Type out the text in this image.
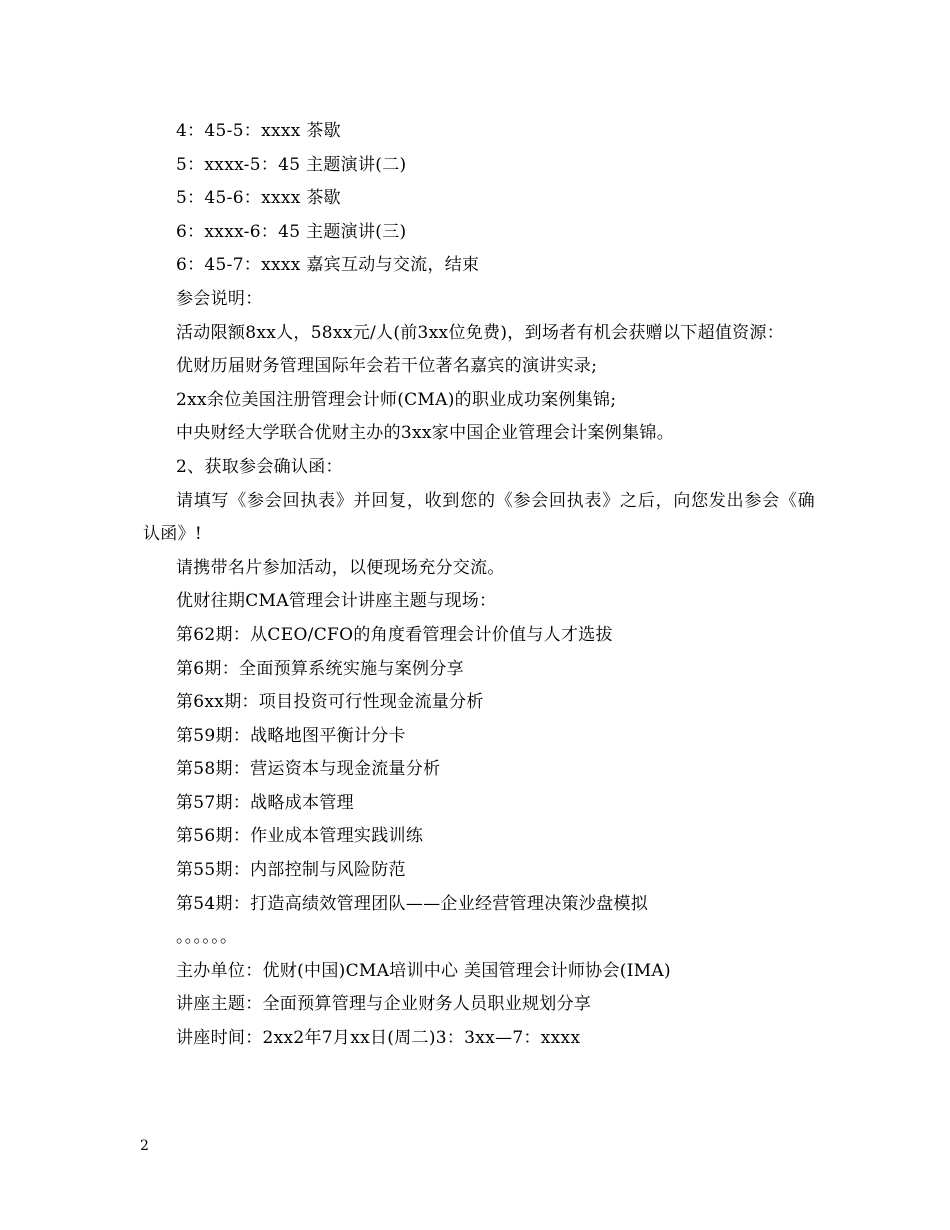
4：45-5：xxxx 茶歇

5：xxxx-5：45 主题演讲(二)

5：45-6：xxxx 茶歇

6：xxxx-6：45 主题演讲(三)

6：45-7：xxxx 嘉宾互动与交流，结束

参会说明：

活动限额8xx人，58xx元/人(前3xx位免费)，到场者有机会获赠以下超值资源：

优财历届财务管理国际年会若干位著名嘉宾的演讲实录;

2xx余位美国注册管理会计师(CMA)的职业成功案例集锦;

中央财经大学联合优财主办的3xx家中国企业管理会计案例集锦。

2、获取参会确认函：

请填写《参会回执表》并回复，收到您的《参会回执表》之后，向您发出参会《确认函》!

请携带名片参加活动，以便现场充分交流。

优财往期CMA管理会计讲座主题与现场：

第62期：从CEO/CFO的角度看管理会计价值与人才选拔

第6期：全面预算系统实施与案例分享

第6xx期：项目投资可行性现金流量分析

第59期：战略地图平衡计分卡

第58期：营运资本与现金流量分析

第57期：战略成本管理

第56期：作业成本管理实践训练

第55期：内部控制与风险防范

第54期：打造高绩效管理团队——企业经营管理决策沙盘模拟

。。。。。。

主办单位：优财(中国)CMA培训中心 美国管理会计师协会(IMA)

讲座主题：全面预算管理与企业财务人员职业规划分享

讲座时间：2xx2年7月xx日(周二)3：3xx—7：xxxx

2
